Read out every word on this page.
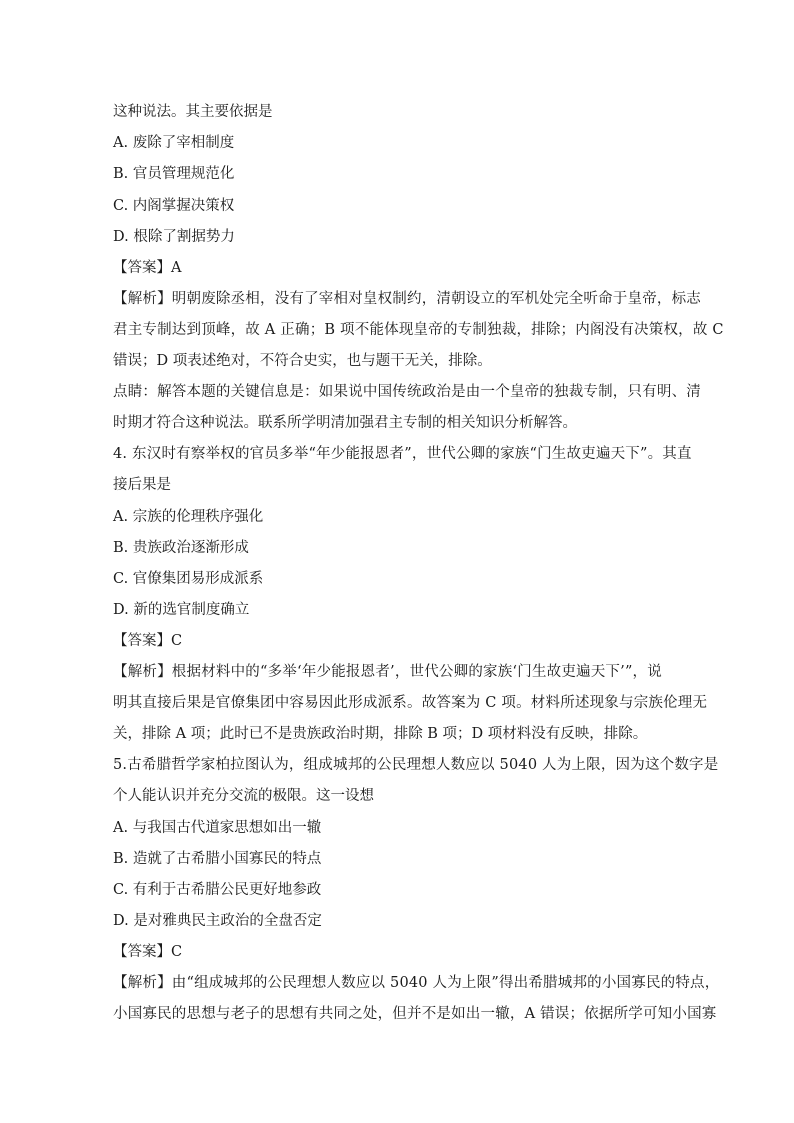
这种说法。其主要依据是
A. 废除了宰相制度
B. 官员管理规范化
C. 内阁掌握决策权
D. 根除了割据势力
【答案】A
【解析】明朝废除丞相，没有了宰相对皇权制约，清朝设立的军机处完全听命于皇帝，标志
君主专制达到顶峰，故 A 正确；B 项不能体现皇帝的专制独裁，排除；内阁没有决策权，故 C
错误；D 项表述绝对，不符合史实，也与题干无关，排除。
点睛：解答本题的关键信息是：如果说中国传统政治是由一个皇帝的独裁专制，只有明、清
时期才符合这种说法。联系所学明清加强君主专制的相关知识分析解答。
4. 东汉时有察举权的官员多举“年少能报恩者”，世代公卿的家族“门生故吏遍天下”。其直
接后果是
A. 宗族的伦理秩序强化
B. 贵族政治逐渐形成
C. 官僚集团易形成派系
D. 新的选官制度确立
【答案】C
【解析】根据材料中的“多举‘年少能报恩者’，世代公卿的家族‘门生故吏遍天下’”，说
明其直接后果是官僚集团中容易因此形成派系。故答案为 C 项。材料所述现象与宗族伦理无
关，排除 A 项；此时已不是贵族政治时期，排除 B 项；D 项材料没有反映，排除。
5.古希腊哲学家柏拉图认为，组成城邦的公民理想人数应以 5040 人为上限，因为这个数字是
个人能认识并充分交流的极限。这一设想
A. 与我国古代道家思想如出一辙
B. 造就了古希腊小国寡民的特点
C. 有利于古希腊公民更好地参政
D. 是对雅典民主政治的全盘否定
【答案】C
【解析】由“组成城邦的公民理想人数应以 5040 人为上限”得出希腊城邦的小国寡民的特点，
小国寡民的思想与老子的思想有共同之处，但并不是如出一辙，A 错误；依据所学可知小国寡
